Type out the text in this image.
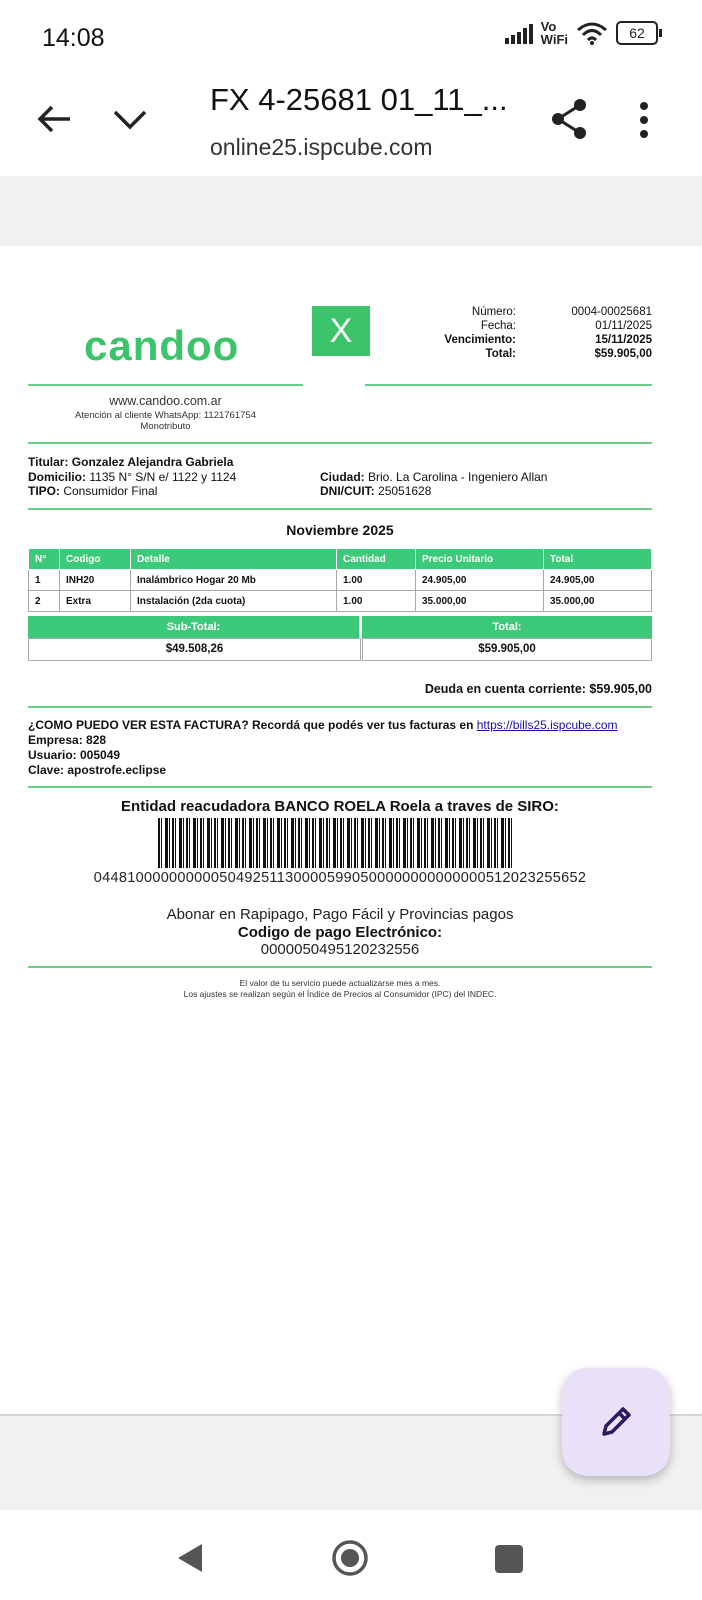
14:08	Vo
WiFi	62
FX 4-25681 01_11_...
online25.ispcube.com
candoo	X	Número:	0004-00025681
Fecha:	01/11/2025
Vencimiento:	15/11/2025
Total:	$59.905,00
www.candoo.com.ar
Atención al cliente WhatsApp: 1121761754
Monotributo
Titular: Gonzalez Alejandra Gabriela
Domicilio: 1135 N° S/N e/ 1122 y 1124
TIPO: Consumidor Final
Ciudad: Brio. La Carolina - Ingeniero Allan
DNI/CUIT: 25051628
Noviembre 2025
N°	Codigo	Detalle	Cantidad	Precio Unitario	Total
1	INH20	Inalámbrico Hogar 20 Mb	1.00	24.905,00	24.905,00
2	Extra	Instalación (2da cuota)	1.00	35.000,00	35.000,00
Sub-Total:	Total:
$49.508,26	$59.905,00
Deuda en cuenta corriente: $59.905,00
¿COMO PUEDO VER ESTA FACTURA? Recordá que podés ver tus facturas en https://bills25.ispcube.com
Empresa: 828
Usuario: 005049
Clave: apostrofe.eclipse
Entidad reacudadora BANCO ROELA Roela a traves de SIRO:
04481000000000050492511300005990500000000000000512023255652
Abonar en Rapipago, Pago Fácil y Provincias pagos
Codigo de pago Electrónico:
0000050495120232556
El valor de tu servicio puede actualizarse mes a mes.
Los ajustes se realizan según el Índice de Precios al Consumidor (IPC) del INDEC.
